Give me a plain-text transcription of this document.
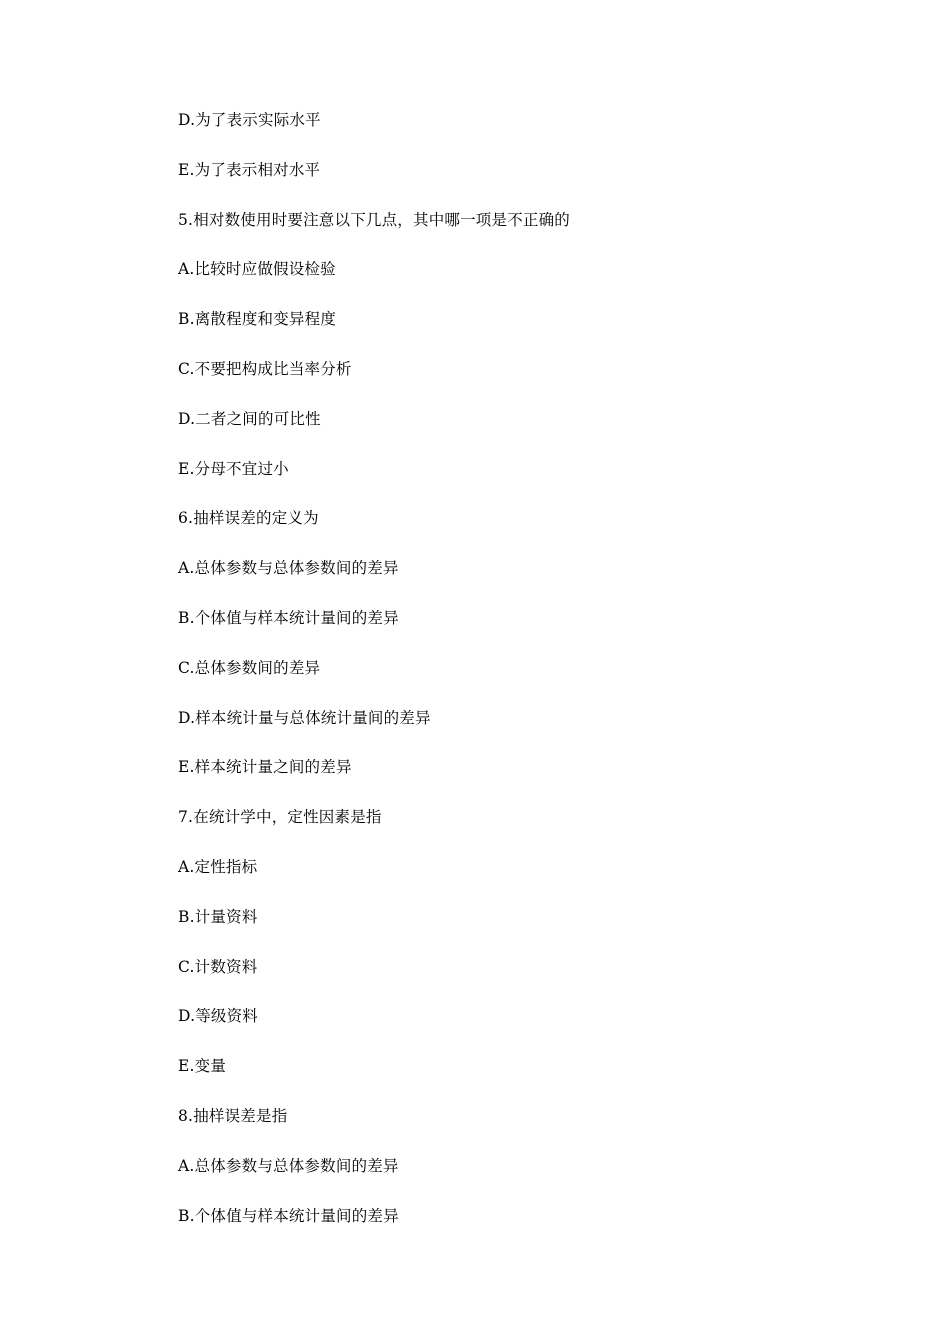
D.为了表示实际水平
E.为了表示相对水平
5.相对数使用时要注意以下几点，其中哪一项是不正确的
A.比较时应做假设检验
B.离散程度和变异程度
C.不要把构成比当率分析
D.二者之间的可比性
E.分母不宜过小
6.抽样误差的定义为
A.总体参数与总体参数间的差异
B.个体值与样本统计量间的差异
C.总体参数间的差异
D.样本统计量与总体统计量间的差异
E.样本统计量之间的差异
7.在统计学中，定性因素是指
A.定性指标
B.计量资料
C.计数资料
D.等级资料
E.变量
8.抽样误差是指
A.总体参数与总体参数间的差异
B.个体值与样本统计量间的差异
